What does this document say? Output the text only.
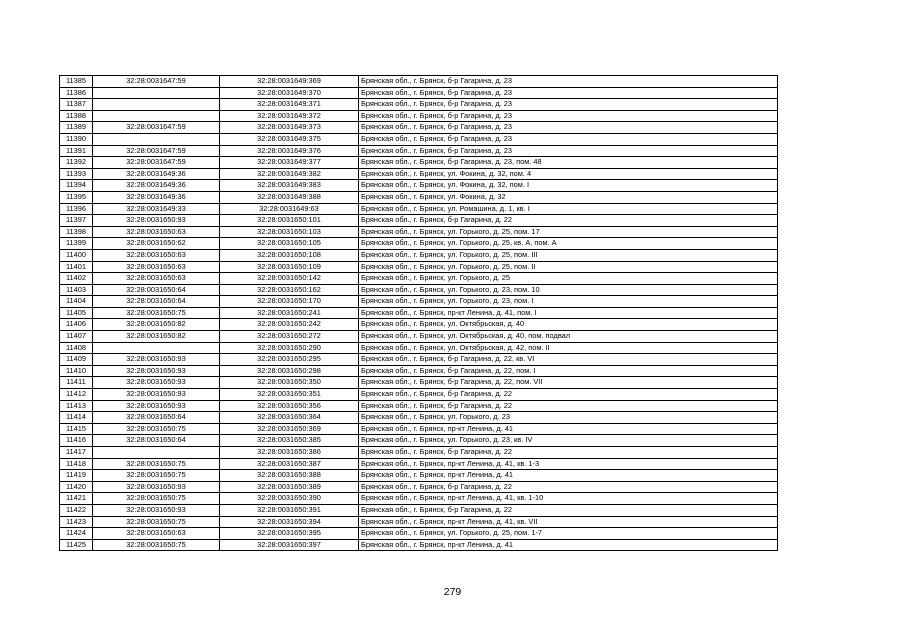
11385	32:28:0031647:59	32:28:0031649:369	Брянская обл., г. Брянск, б-р Гагарина, д. 23
11386		32:28:0031649:370	Брянская обл., г. Брянск, б-р Гагарина, д. 23
11387		32:28:0031649:371	Брянская обл., г. Брянск, б-р Гагарина, д. 23
11388		32:28:0031649:372	Брянская обл., г. Брянск, б-р Гагарина, д. 23
11389	32:28:0031647:59	32:28:0031649:373	Брянская обл., г. Брянск, б-р Гагарина, д. 23
11390		32:28:0031649:375	Брянская обл., г. Брянск, б-р Гагарина, д. 23
11391	32:28:0031647:59	32:28:0031649:376	Брянская обл., г. Брянск, б-р Гагарина, д. 23
11392	32:28:0031647:59	32:28:0031649:377	Брянская обл., г. Брянск, б-р Гагарина, д. 23, пом. 48
11393	32:28:0031649:36	32:28:0031649:382	Брянская обл., г. Брянск, ул. Фокина, д. 32, пом. 4
11394	32:28:0031649:36	32:28:0031649:383	Брянская обл., г. Брянск, ул. Фокина, д. 32, пом. I
11395	32:28:0031649:36	32:28:0031649:388	Брянская обл., г. Брянск, ул. Фокина, д. 32
11396	32:28:0031649:33	32:28:0031649:63	Брянская обл., г. Брянск, ул. Ромашина, д. 1, кв. I
11397	32:28:0031650:93	32:28:0031650:101	Брянская обл., г. Брянск, б-р Гагарина, д. 22
11398	32:28:0031650:63	32:28:0031650:103	Брянская обл., г. Брянск, ул. Горького, д. 25, пом. 17
11399	32:28:0031650:62	32:28:0031650:105	Брянская обл., г. Брянск, ул. Горького, д. 25, кв. А, пом. А
11400	32:28:0031650:63	32:28:0031650:108	Брянская обл., г. Брянск, ул. Горького, д. 25, пом. III
11401	32:28:0031650:63	32:28:0031650:109	Брянская обл., г. Брянск, ул. Горького, д. 25, пом. II
11402	32:28:0031650:63	32:28:0031650:142	Брянская обл., г. Брянск, ул. Горького, д. 25
11403	32:28:0031650:64	32:28:0031650:162	Брянская обл., г. Брянск, ул. Горького, д. 23, пом. 10
11404	32:28:0031650:64	32:28:0031650:170	Брянская обл., г. Брянск, ул. Горького, д. 23, пом. I
11405	32:28:0031650:75	32:28:0031650:241	Брянская обл., г. Брянск, пр-кт Ленина, д. 41, пом. I
11406	32:28:0031650:82	32:28:0031650:242	Брянская обл., г. Брянск, ул. Октябрьская, д. 40
11407	32:28:0031650:82	32:28:0031650:272	Брянская обл., г. Брянск, ул. Октябрьская, д. 40, пом. подвал
11408		32:28:0031650:290	Брянская обл., г. Брянск, ул. Октябрьская, д. 42, пом. II
11409	32:28:0031650:93	32:28:0031650:295	Брянская обл., г. Брянск, б-р Гагарина, д. 22, кв. VI
11410	32:28:0031650:93	32:28:0031650:298	Брянская обл., г. Брянск, б-р Гагарина, д. 22, пом. I
11411	32:28:0031650:93	32:28:0031650:350	Брянская обл., г. Брянск, б-р Гагарина, д. 22, пом. VII
11412	32:28:0031650:93	32:28:0031650:351	Брянская обл., г. Брянск, б-р Гагарина, д. 22
11413	32:28:0031650:93	32:28:0031650:356	Брянская обл., г. Брянск, б-р Гагарина, д. 22
11414	32:28:0031650:64	32:28:0031650:364	Брянская обл., г. Брянск, ул. Горького, д. 23
11415	32:28:0031650:75	32:28:0031650:369	Брянская обл., г. Брянск, пр-кт Ленина, д. 41
11416	32:28:0031650:64	32:28:0031650:385	Брянская обл., г. Брянск, ул. Горького, д. 23, кв. IV
11417		32:28:0031650:386	Брянская обл., г. Брянск, б-р Гагарина, д. 22
11418	32:28:0031650:75	32:28:0031650:387	Брянская обл., г. Брянск, пр-кт Ленина, д. 41, кв. 1-3
11419	32:28:0031650:75	32:28:0031650:388	Брянская обл., г. Брянск, пр-кт Ленина, д. 41
11420	32:28:0031650:93	32:28:0031650:389	Брянская обл., г. Брянск, б-р Гагарина, д. 22
11421	32:28:0031650:75	32:28:0031650:390	Брянская обл., г. Брянск, пр-кт Ленина, д. 41, кв. 1-10
11422	32:28:0031650:93	32:28:0031650:391	Брянская обл., г. Брянск, б-р Гагарина, д. 22
11423	32:28:0031650:75	32:28:0031650:394	Брянская обл., г. Брянск, пр-кт Ленина, д. 41, кв. VII
11424	32:28:0031650:63	32:28:0031650:395	Брянская обл., г. Брянск, ул. Горького, д. 25, пом. 1-7
11425	32:28:0031650:75	32:28:0031650:397	Брянская обл., г. Брянск, пр-кт Ленина, д. 41
279
